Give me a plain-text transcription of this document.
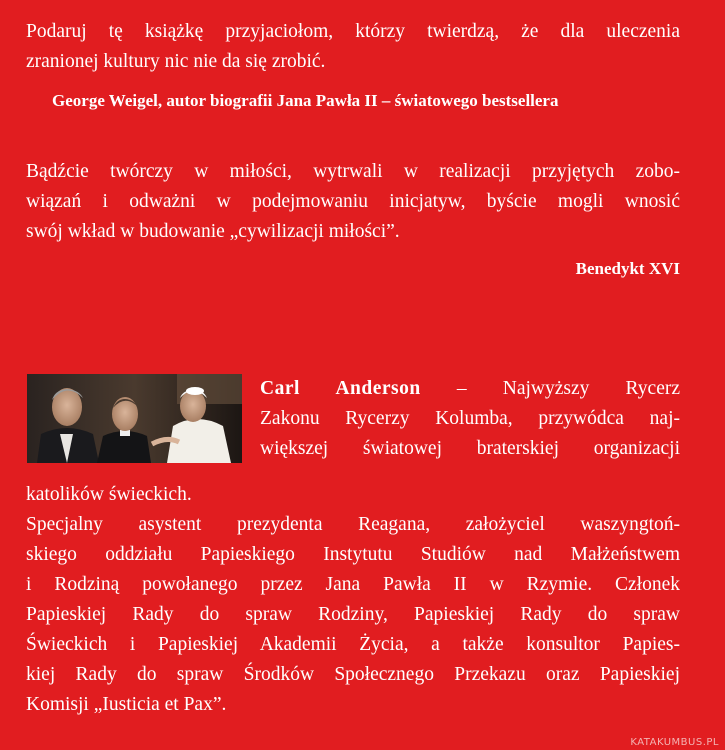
Podaruj tę książkę przyjaciołom, którzy twierdzą, że dla uleczenia
zranionej kultury nic nie da się zrobić.
George Weigel, autor biografii Jana Pawła II – światowego bestsellera
Bądźcie twórczy w miłości, wytrwali w realizacji przyjętych zobo-
wiązań i odważni w podejmowaniu inicjatyw, byście mogli wnosić
swój wkład w budowanie „cywilizacji miłości”.
Benedykt XVI
Carl Anderson – Najwyższy Rycerz
Zakonu Rycerzy Kolumba, przywódca naj-
większej światowej braterskiej organizacji
katolików świeckich.
Specjalny asystent prezydenta Reagana, założyciel waszyngtoń-
skiego oddziału Papieskiego Instytutu Studiów nad Małżeństwem
i Rodziną powołanego przez Jana Pawła II w Rzymie. Członek
Papieskiej Rady do spraw Rodziny, Papieskiej Rady do spraw
Świeckich i Papieskiej Akademii Życia, a także konsultor Papies-
kiej Rady do spraw Środków Społecznego Przekazu oraz Papieskiej
Komisji „Iusticia et Pax”.
KATAKUMBUS.PL
